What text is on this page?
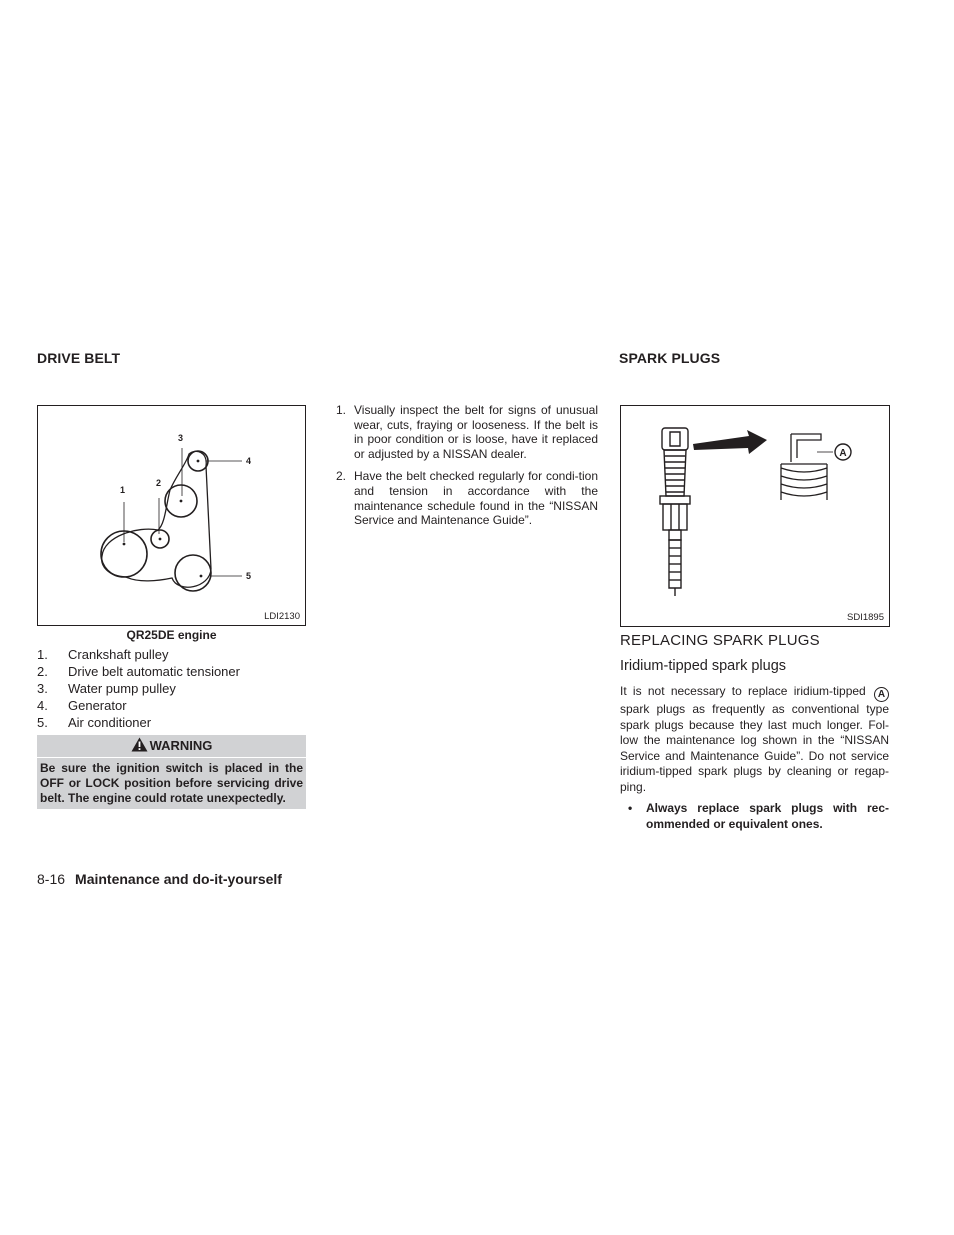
DRIVE BELT
1
2
3
4
5
LDI2130
QR25DE engine
1.	Crankshaft pulley
2.	Drive belt automatic tensioner
3.	Water pump pulley
4.	Generator
5.	Air conditioner
WARNING
Be sure the ignition switch is placed in the OFF or LOCK position before servicing drive belt. The engine could rotate unexpectedly.
1. Visually inspect the belt for signs of unusual wear, cuts, fraying or looseness. If the belt is in poor condition or is loose, have it replaced or adjusted by a NISSAN dealer.
2. Have the belt checked regularly for condi-tion and tension in accordance with the maintenance schedule found in the “NISSAN Service and Maintenance Guide”.
SPARK PLUGS
A
SDI1895
REPLACING SPARK PLUGS
Iridium-tipped spark plugs
It is not necessary to replace iridium-tipped A spark plugs as frequently as conventional type spark plugs because they last much longer. Fol-low the maintenance log shown in the “NISSAN Service and Maintenance Guide”. Do not service iridium-tipped spark plugs by cleaning or regap-ping.
•	Always replace spark plugs with rec-ommended or equivalent ones.
8-16 Maintenance and do-it-yourself
